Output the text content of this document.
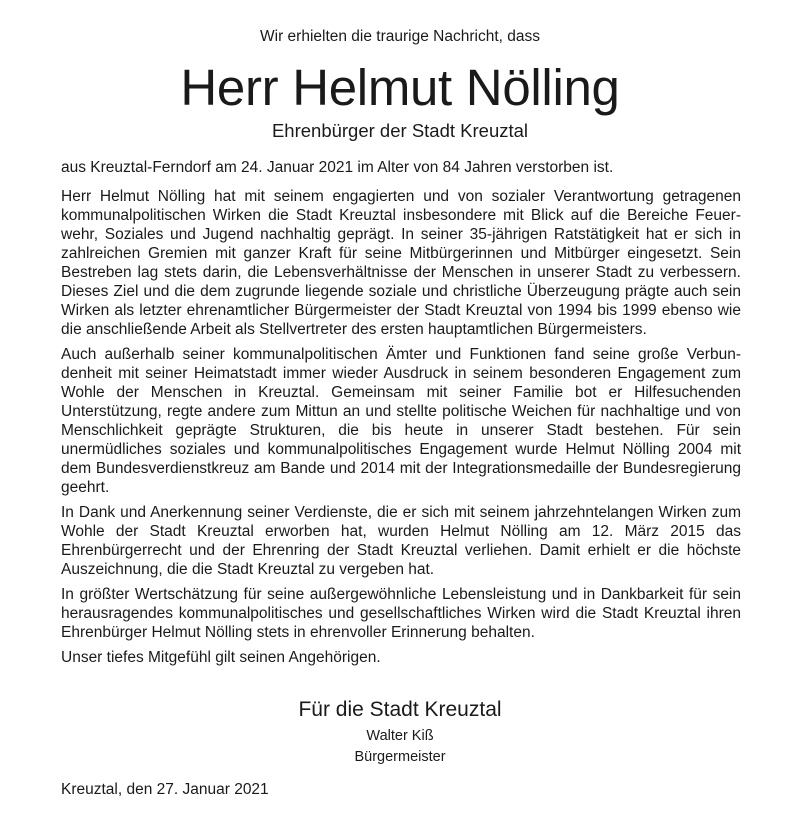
Wir erhielten die traurige Nachricht, dass
Herr Helmut Nölling
Ehrenbürger der Stadt Kreuztal
aus Kreuztal-Ferndorf am 24. Januar 2021 im Alter von 84 Jahren verstorben ist.

Herr Helmut Nölling hat mit seinem engagierten und von sozialer Verantwortung getragenen kommunalpolitischen Wirken die Stadt Kreuztal insbesondere mit Blick auf die Bereiche Feuerwehr, Soziales und Jugend nachhaltig geprägt. In seiner 35-jährigen Ratstätigkeit hat er sich in zahlreichen Gremien mit ganzer Kraft für seine Mitbürgerinnen und Mitbürger eingesetzt. Sein Bestreben lag stets darin, die Lebensverhältnisse der Menschen in unserer Stadt zu verbessern. Dieses Ziel und die dem zugrunde liegende soziale und christliche Überzeugung prägte auch sein Wirken als letzter ehrenamtlicher Bürgermeister der Stadt Kreuztal von 1994 bis 1999 ebenso wie die anschließende Arbeit als Stellvertreter des ersten hauptamtlichen Bürgermeisters.

Auch außerhalb seiner kommunalpolitischen Ämter und Funktionen fand seine große Verbundenheit mit seiner Heimatstadt immer wieder Ausdruck in seinem besonderen Engagement zum Wohle der Menschen in Kreuztal. Gemeinsam mit seiner Familie bot er Hilfesuchenden Unterstützung, regte andere zum Mittun an und stellte politische Weichen für nachhaltige und von Menschlichkeit geprägte Strukturen, die bis heute in unserer Stadt bestehen. Für sein unermüdliches soziales und kommunalpolitisches Engagement wurde Helmut Nölling 2004 mit dem Bundesverdienstkreuz am Bande und 2014 mit der Integrationsmedaille der Bundesregierung geehrt.

In Dank und Anerkennung seiner Verdienste, die er sich mit seinem jahrzehntelangen Wirken zum Wohle der Stadt Kreuztal erworben hat, wurden Helmut Nölling am 12. März 2015 das Ehrenbürgerrecht und der Ehrenring der Stadt Kreuztal verliehen. Damit erhielt er die höchste Auszeichnung, die die Stadt Kreuztal zu vergeben hat.

In größter Wertschätzung für seine außergewöhnliche Lebensleistung und in Dankbarkeit für sein herausragendes kommunalpolitisches und gesellschaftliches Wirken wird die Stadt Kreuztal ihren Ehrenbürger Helmut Nölling stets in ehrenvoller Erinnerung behalten.

Unser tiefes Mitgefühl gilt seinen Angehörigen.

Für die Stadt Kreuztal
Walter Kiß
Bürgermeister
Kreuztal, den 27. Januar 2021
